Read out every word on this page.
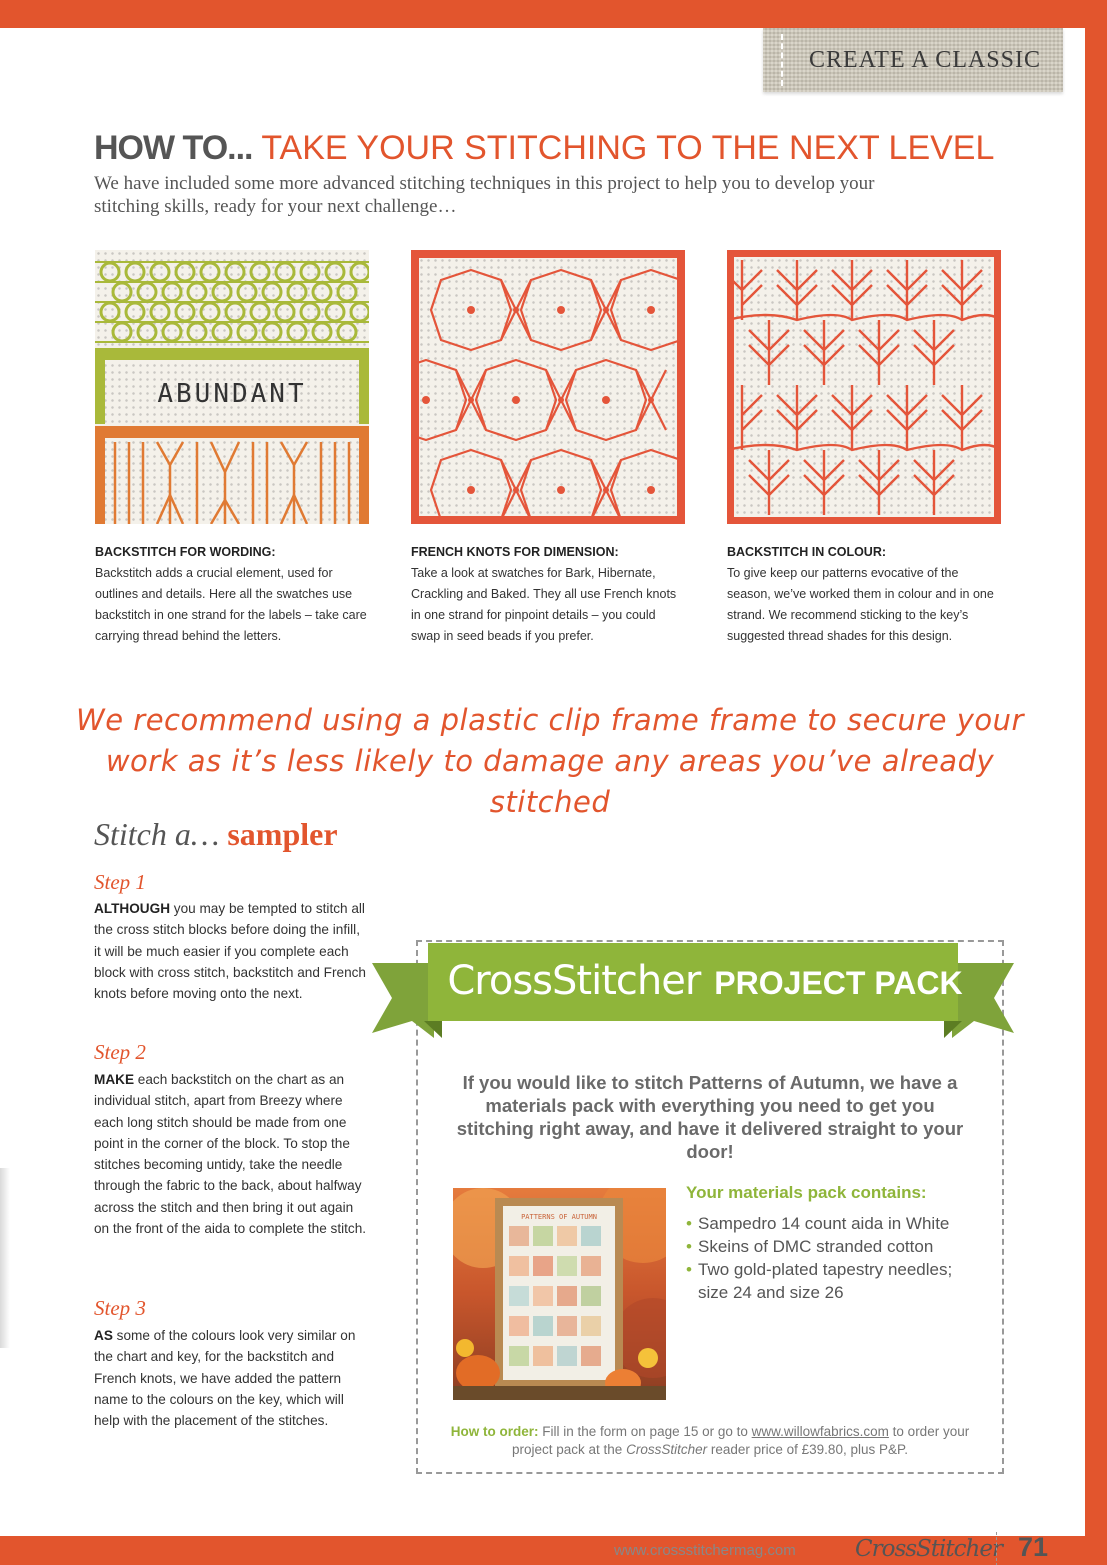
CREATE A CLASSIC
HOW TO... TAKE YOUR STITCHING TO THE NEXT LEVEL

We have included some more advanced stitching techniques in this project to help you to develop your stitching skills, ready for your next challenge…

ABUNDANT
BACKSTITCH FOR WORDING:
Backstitch adds a crucial element, used for outlines and details. Here all the swatches use backstitch in one strand for the labels – take care carrying thread behind the letters.
FRENCH KNOTS FOR DIMENSION:
Take a look at swatches for Bark, Hibernate, Crackling and Baked. They all use French knots in one strand for pinpoint details – you could swap in seed beads if you prefer.
BACKSTITCH IN COLOUR:
To give keep our patterns evocative of the season, we’ve worked them in colour and in one strand. We recommend sticking to the key’s suggested thread shades for this design.
We recommend using a plastic clip frame frame to secure your work as it’s less likely to damage any areas you’ve already stitched
Stitch a… sampler
Step 1

ALTHOUGH you may be tempted to stitch all the cross stitch blocks before doing the infill, it will be much easier if you complete each block with cross stitch, backstitch and French knots before moving onto the next.

Step 2

MAKE each backstitch on the chart as an individual stitch, apart from Breezy where each long stitch should be made from one point in the corner of the block. To stop the stitches becoming untidy, take the needle through the fabric to the back, about halfway across the stitch and then bring it out again on the front of the aida to complete the stitch.

Step 3

AS some of the colours look very similar on the chart and key, for the backstitch and French knots, we have added the pattern name to the colours on the key, which will help with the placement of the stitches.

CrossStitcher PROJECT PACK

If you would like to stitch Patterns of Autumn, we have a materials pack with everything you need to get you stitching right away, and have it delivered straight to your door!

PATTERNS OF AUTUMN
Your materials pack contains:
• Sampedro 14 count aida in White
• Skeins of DMC stranded cotton
• Two gold-plated tapestry needles; size 24 and size 26

How to order: Fill in the form on page 15 or go to www.willowfabrics.com to order your project pack at the CrossStitcher reader price of £39.80, plus P&P.

www.crossstitchermag.com	CrossStitcher 71
